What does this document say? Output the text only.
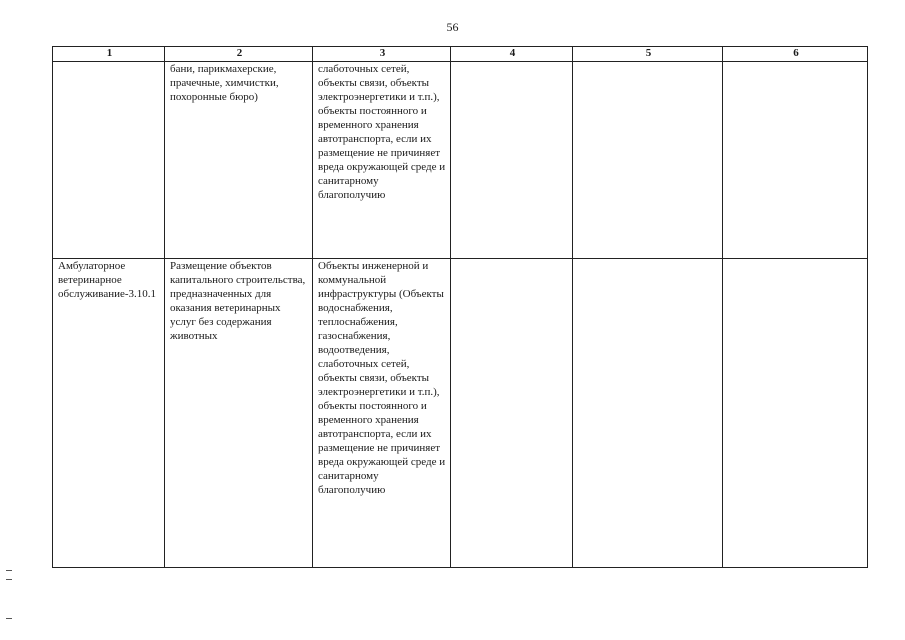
56
1	2	3	4	5	6
	бани, парикмахерские, прачечные, химчистки, похоронные бюро)	слаботочных сетей, объекты связи, объекты электроэнергетики и т.п.), объекты постоянного и временного хранения автотранспорта, если их размещение не причиняет вреда окружающей среде и санитарному благополучию			
Амбулаторное ветеринарное обслуживание-3.10.1	Размещение объектов капитального строительства, предназначенных для оказания ветеринарных услуг без содержания животных	Объекты инженерной и коммунальной инфраструктуры (Объекты водоснабжения, теплоснабжения, газоснабжения, водоотведения, слаботочных сетей, объекты связи, объекты электроэнергетики и т.п.), объекты постоянного и временного хранения автотранспорта, если их размещение не причиняет вреда окружающей среде и санитарному благополучию			
